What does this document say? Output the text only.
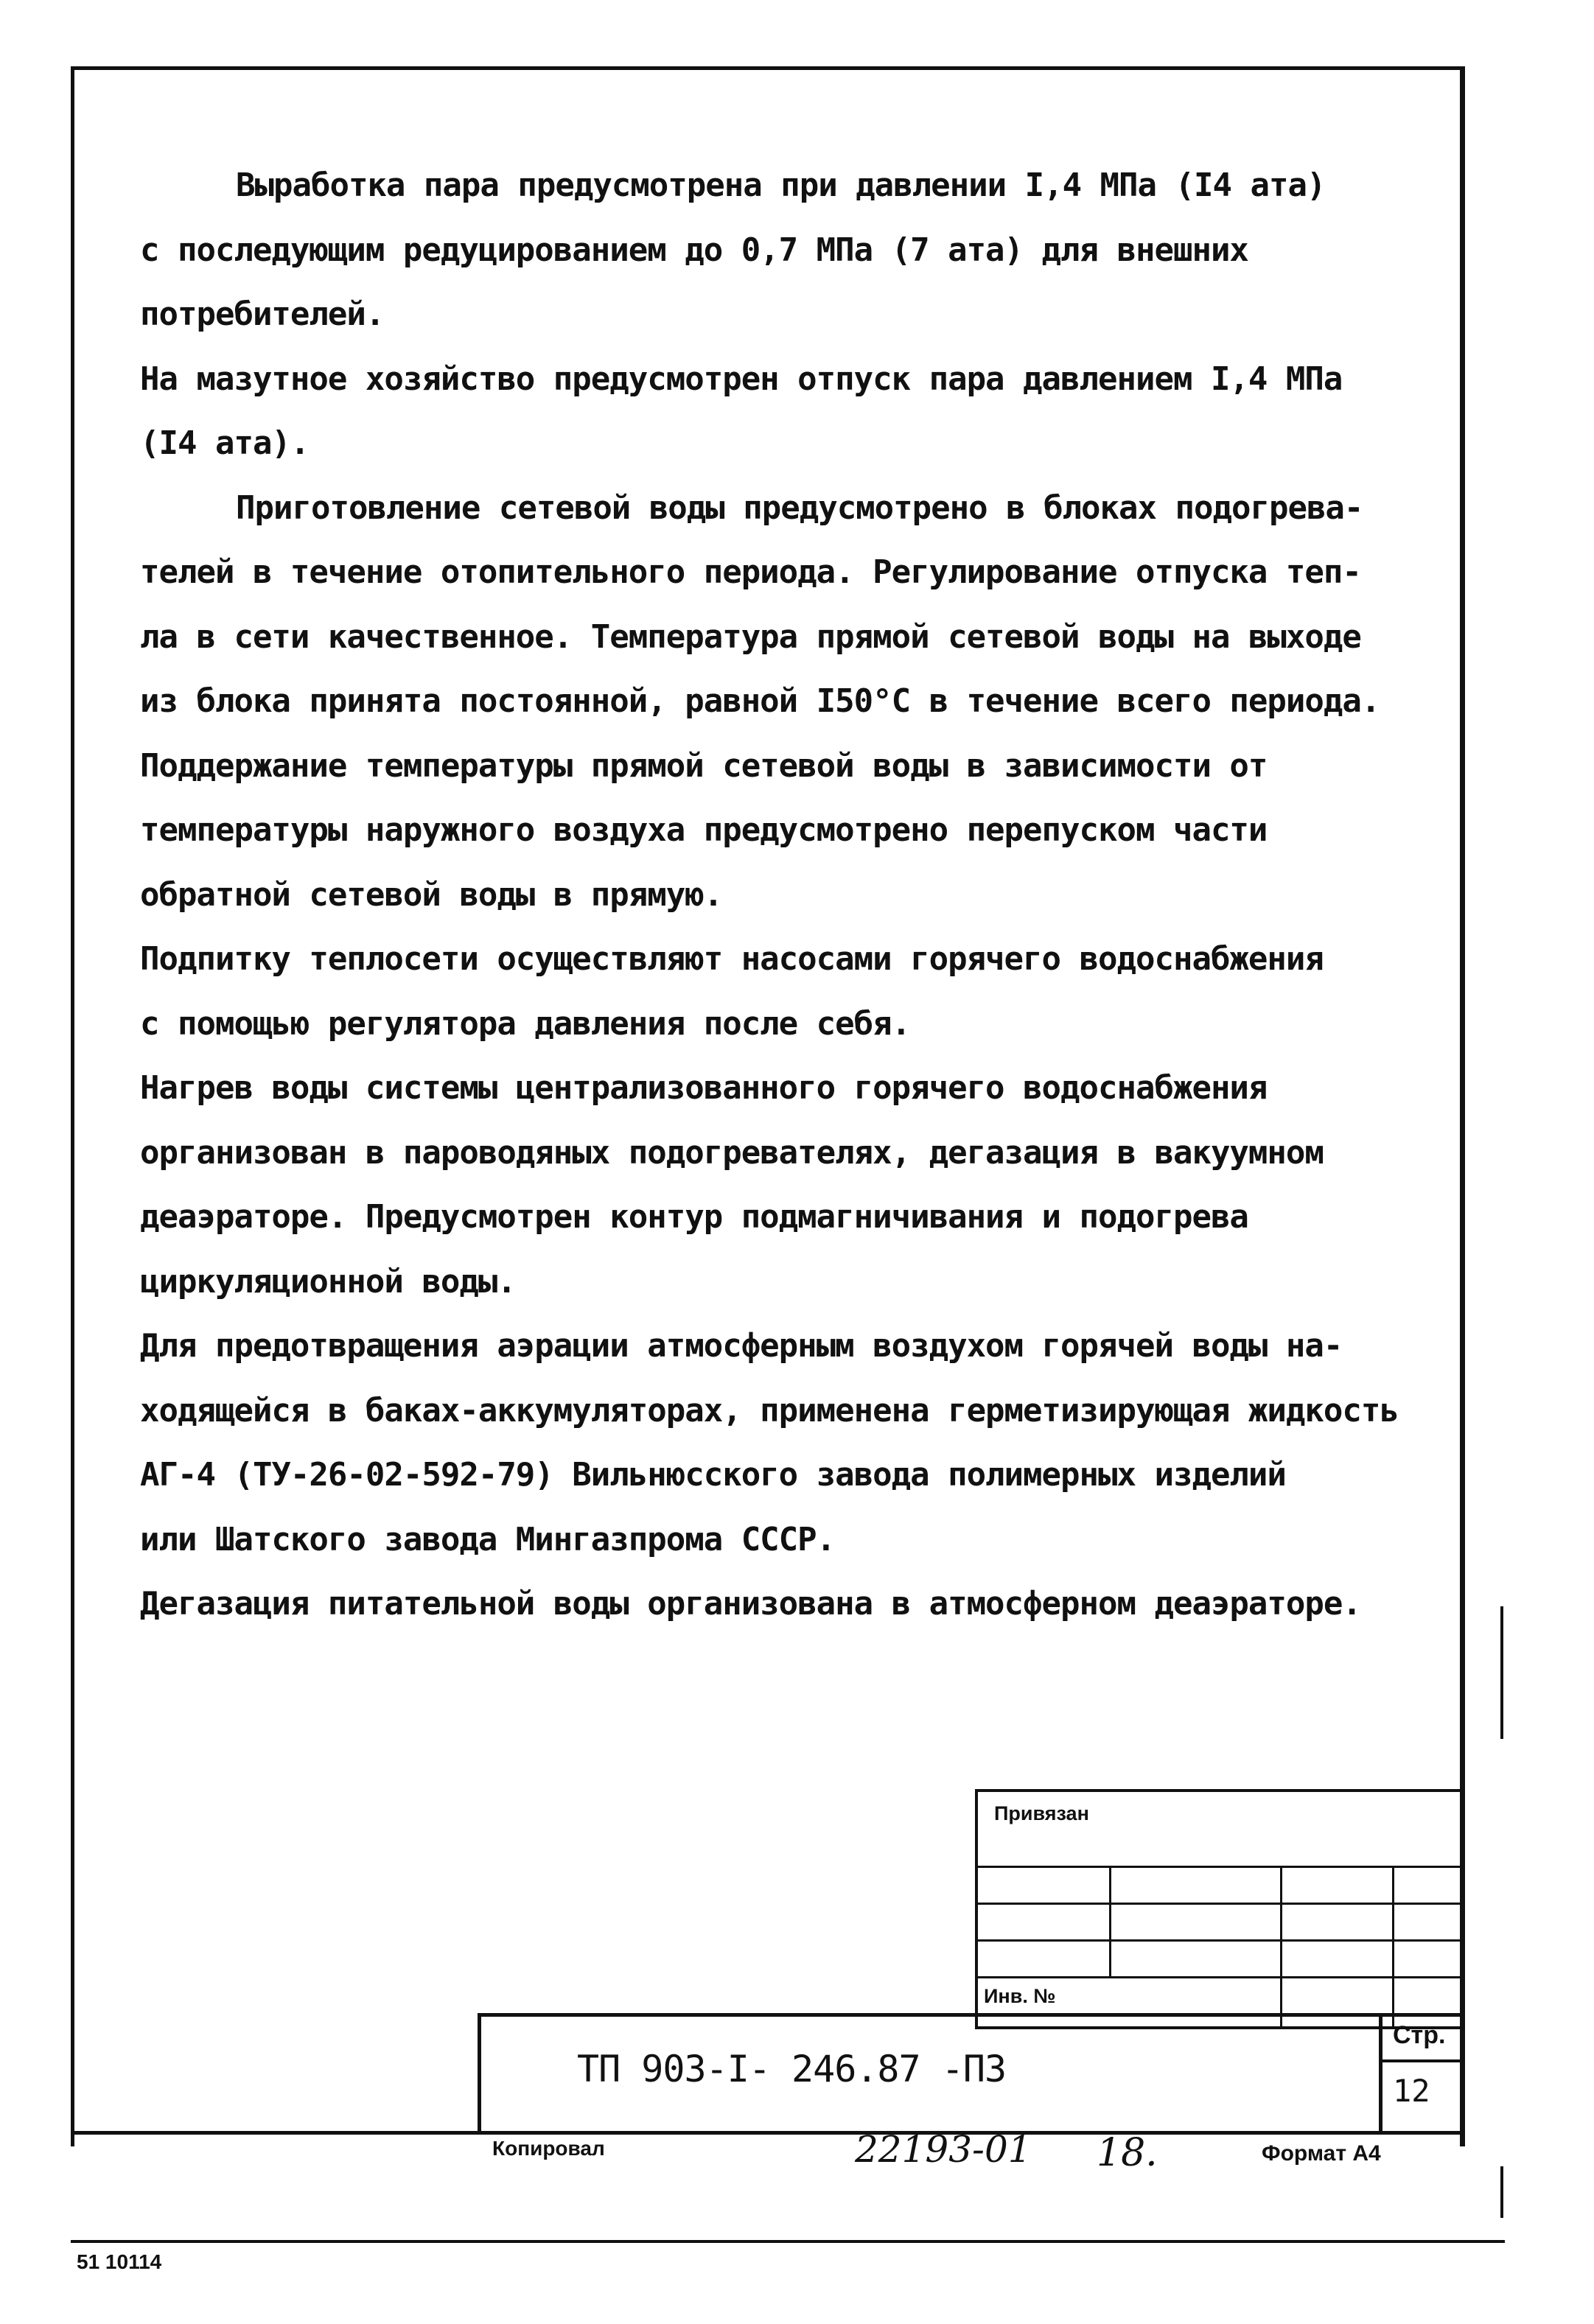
Выработка пара предусмотрена при давлении I,4 МПа (I4 ата)

с последующим редуцированием до 0,7 МПа (7 ата) для внешних

потребителей.

На мазутное хозяйство предусмотрен отпуск пара давлением I,4 МПа

(I4 ата).

Приготовление сетевой воды предусмотрено в блоках подогрева-

телей в течение отопительного периода. Регулирование отпуска теп-

ла в сети качественное. Температура прямой сетевой воды на выходе

из блока принята постоянной, равной I50°С в течение всего периода.

Поддержание температуры прямой сетевой воды в зависимости от

температуры наружного воздуха предусмотрено перепуском части

обратной сетевой воды в прямую.

Подпитку теплосети осуществляют насосами горячего водоснабжения

с помощью регулятора давления после себя.

Нагрев воды системы централизованного горячего водоснабжения

организован в пароводяных подогревателях, дегазация в вакуумном

деаэраторе. Предусмотрен контур подмагничивания и подогрева

циркуляционной воды.

Для предотвращения аэрации атмосферным воздухом горячей воды на-

ходящейся в баках-аккумуляторах, применена герметизирующая жидкость

АГ-4 (ТУ-26-02-592-79) Вильнюсского завода полимерных изделий

или Шатского завода Мингазпрома СССР.

Дегазация питательной воды организована в атмосферном деаэраторе.

Привязан
Инв. №
ТП 903-I- 246.87 -ПЗ
Стр.
12
Копировал	22193-01 18.	Формат А4
51 10114
